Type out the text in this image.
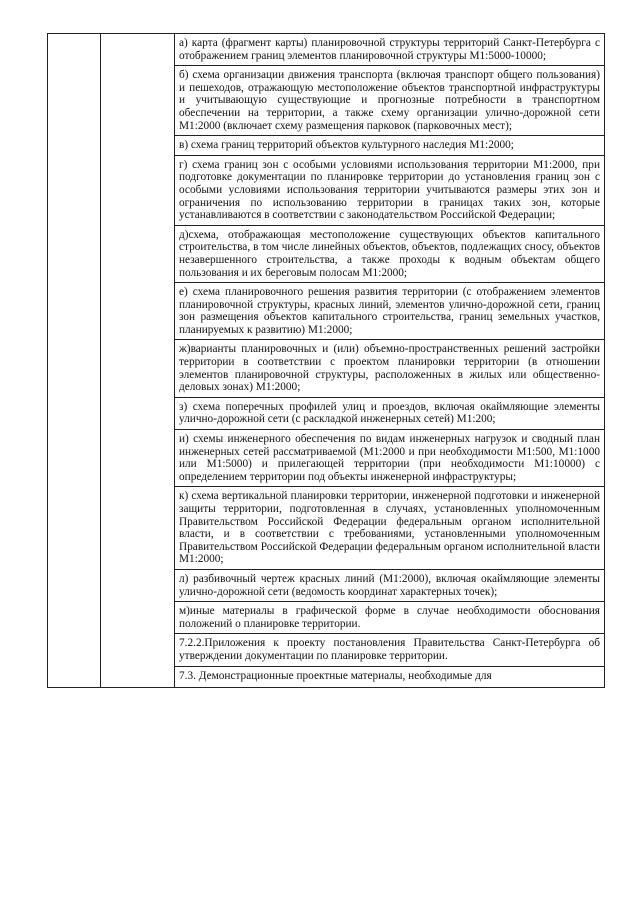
а) карта (фрагмент карты) планировочной структуры территорий Санкт-Петербурга с отображением границ элементов планировочной структуры М1:5000-10000;

б) схема организации движения транспорта (включая транспорт общего пользования) и пешеходов, отражающую местоположение объектов транспортной инфраструктуры и учитывающую существующие и прогнозные потребности в транспортном обеспечении на территории, а также схему организации улично-дорожной сети М1:2000 (включает схему размещения парковок (парковочных мест);

в) схема границ территорий объектов культурного наследия М1:2000;

г) схема границ зон с особыми условиями использования территории М1:2000, при подготовке документации по планировке территории до установления границ зон с особыми условиями использования территории учитываются размеры этих зон и ограничения по использованию территории в границах таких зон, которые устанавливаются в соответствии с законодательством Российской Федерации;

д)схема, отображающая местоположение существующих объектов капитального строительства, в том числе линейных объектов, объектов, подлежащих сносу, объектов незавершенного строительства, а также проходы к водным объектам общего пользования и их береговым полосам М1:2000;

е) схема планировочного решения развития территории (с отображением элементов планировочной структуры, красных линий, элементов улично-дорожной сети, границ зон размещения объектов капитального строительства, границ земельных участков, планируемых к развитию) М1:2000;

ж)варианты планировочных и (или) объемно-пространственных решений застройки территории в соответствии с проектом планировки территории (в отношении элементов планировочной структуры, расположенных в жилых или общественно-деловых зонах) М1:2000;

з) схема поперечных профилей улиц и проездов, включая окаймляющие элементы улично-дорожной сети (с раскладкой инженерных сетей) М1:200;

и) схемы инженерного обеспечения по видам инженерных нагрузок и сводный план инженерных сетей рассматриваемой (М1:2000 и при необходимости М1:500, М1:1000 или М1:5000) и прилегающей территории (при необходимости М1:10000) с определением территории под объекты инженерной инфраструктуры;

к) схема вертикальной планировки территории, инженерной подготовки и инженерной защиты территории, подготовленная в случаях, установленных уполномоченным Правительством Российской Федерации федеральным органом исполнительной власти, и в соответствии с требованиями, установленными уполномоченным Правительством Российской Федерации федеральным органом исполнительной власти М1:2000;

л) разбивочный чертеж красных линий (М1:2000), включая окаймляющие элементы улично-дорожной сети (ведомость координат характерных точек);

м)иные материалы в графической форме в случае необходимости обоснования положений о планировке территории.

7.2.2.Приложения к проекту постановления Правительства Санкт-Петербурга об утверждении документации по планировке территории.

7.3. Демонстрационные проектные материалы, необходимые для
